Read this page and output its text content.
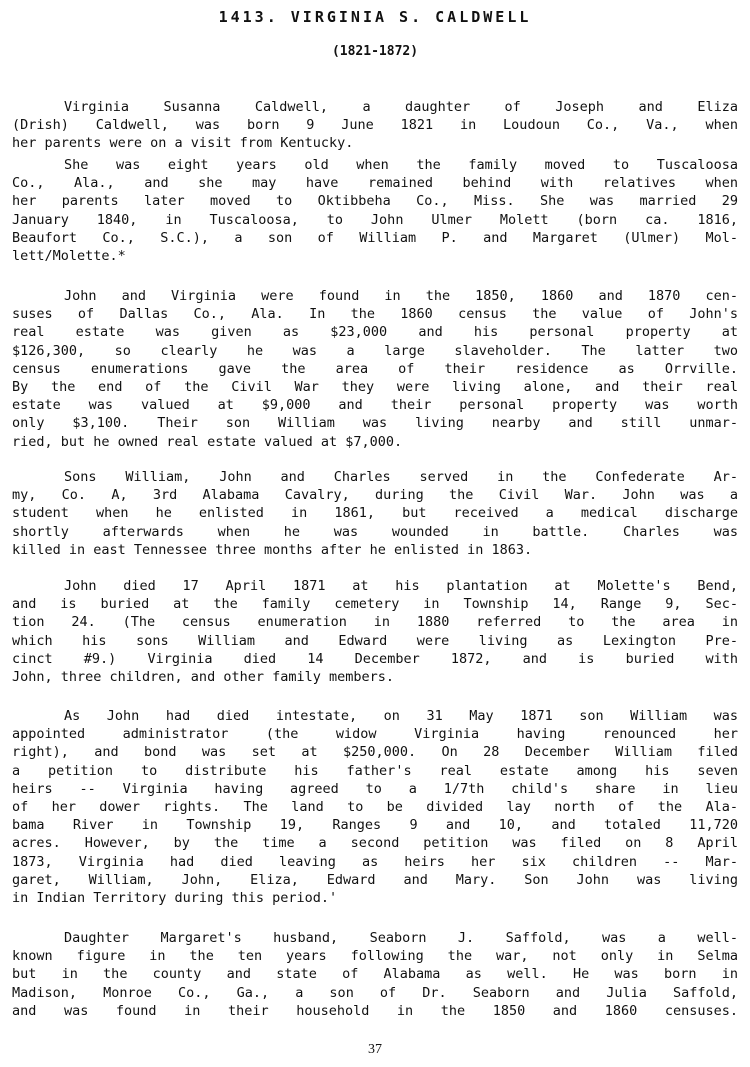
1413. VIRGINIA S. CALDWELL
(1821-1872)
Virginia Susanna Caldwell, a daughter of Joseph and Eliza
(Drish) Caldwell, was born 9 June 1821 in Loudoun Co., Va., when
her parents were on a visit from Kentucky.
She was eight years old when the family moved to Tuscaloosa
Co., Ala., and she may have remained behind with relatives when
her parents later moved to Oktibbeha Co., Miss. She was married 29
January 1840, in Tuscaloosa, to John Ulmer Molett (born ca. 1816,
Beaufort Co., S.C.), a son of William P. and Margaret (Ulmer) Mol-
lett/Molette.*
John and Virginia were found in the 1850, 1860 and 1870 cen-
suses of Dallas Co., Ala. In the 1860 census the value of John's
real estate was given as $23,000 and his personal property at
$126,300, so clearly he was a large slaveholder. The latter two
census enumerations gave the area of their residence as Orrville.
By the end of the Civil War they were living alone, and their real
estate was valued at $9,000 and their personal property was worth
only $3,100. Their son William was living nearby and still unmar-
ried, but he owned real estate valued at $7,000.
Sons William, John and Charles served in the Confederate Ar-
my, Co. A, 3rd Alabama Cavalry, during the Civil War. John was a
student when he enlisted in 1861, but received a medical discharge
shortly afterwards when he was wounded in battle. Charles was
killed in east Tennessee three months after he enlisted in 1863.
John died 17 April 1871 at his plantation at Molette's Bend,
and is buried at the family cemetery in Township 14, Range 9, Sec-
tion 24. (The census enumeration in 1880 referred to the area in
which his sons William and Edward were living as Lexington Pre-
cinct #9.) Virginia died 14 December 1872, and is buried with
John, three children, and other family members.
As John had died intestate, on 31 May 1871 son William was
appointed administrator (the widow Virginia having renounced her
right), and bond was set at $250,000. On 28 December William filed
a petition to distribute his father's real estate among his seven
heirs -- Virginia having agreed to a 1/7th child's share in lieu
of her dower rights. The land to be divided lay north of the Ala-
bama River in Township 19, Ranges 9 and 10, and totaled 11,720
acres. However, by the time a second petition was filed on 8 April
1873, Virginia had died leaving as heirs her six children -- Mar-
garet, William, John, Eliza, Edward and Mary. Son John was living
in Indian Territory during this period.'
Daughter Margaret's husband, Seaborn J. Saffold, was a well-
known figure in the ten years following the war, not only in Selma
but in the county and state of Alabama as well. He was born in
Madison, Monroe Co., Ga., a son of Dr. Seaborn and Julia Saffold,
and was found in their household in the 1850 and 1860 censuses.
37
